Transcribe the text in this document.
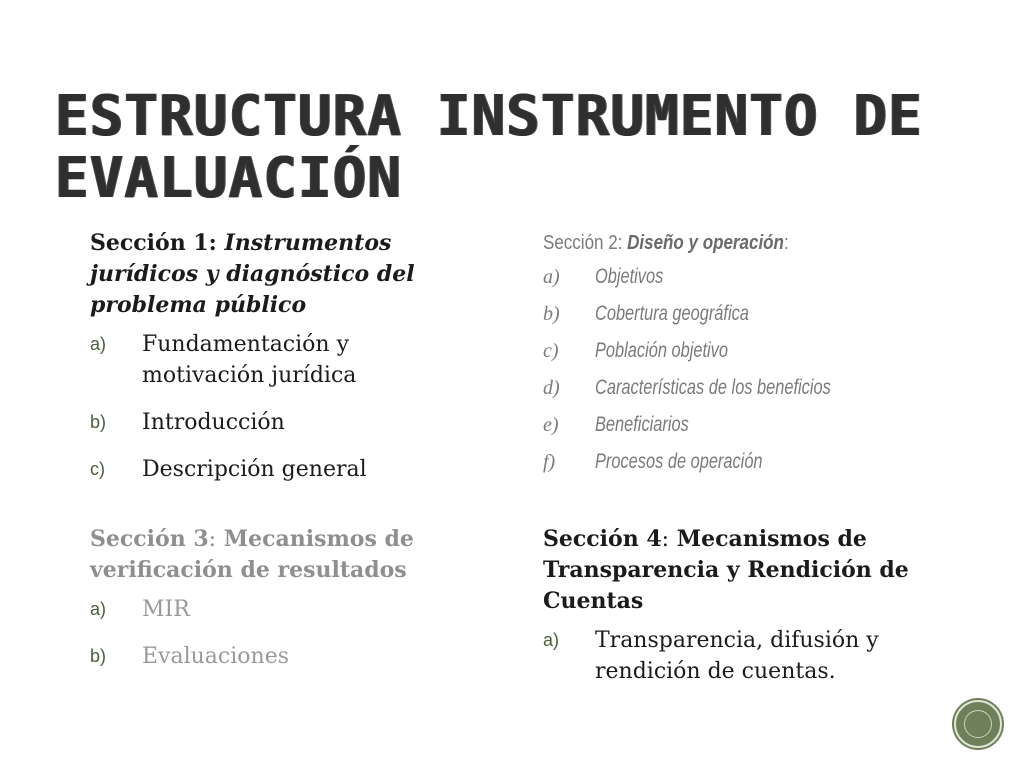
ESTRUCTURA INSTRUMENTO DE
EVALUACIÓN
Sección 1: Instrumentos jurídicos y diagnóstico del problema público
a)	Fundamentación y motivación jurídica
b)	Introducción
c)	Descripción general
Sección 2: Diseño y operación:
a)	Objetivos
b)	Cobertura geográfica
c)	Población objetivo
d)	Características de los beneficios
e)	Beneficiarios
f)	Procesos de operación
Sección 3: Mecanismos de verificación de resultados
a)	MIR
b)	Evaluaciones
Sección 4: Mecanismos de Transparencia y Rendición de Cuentas
a)	Transparencia, difusión y rendición de cuentas.
